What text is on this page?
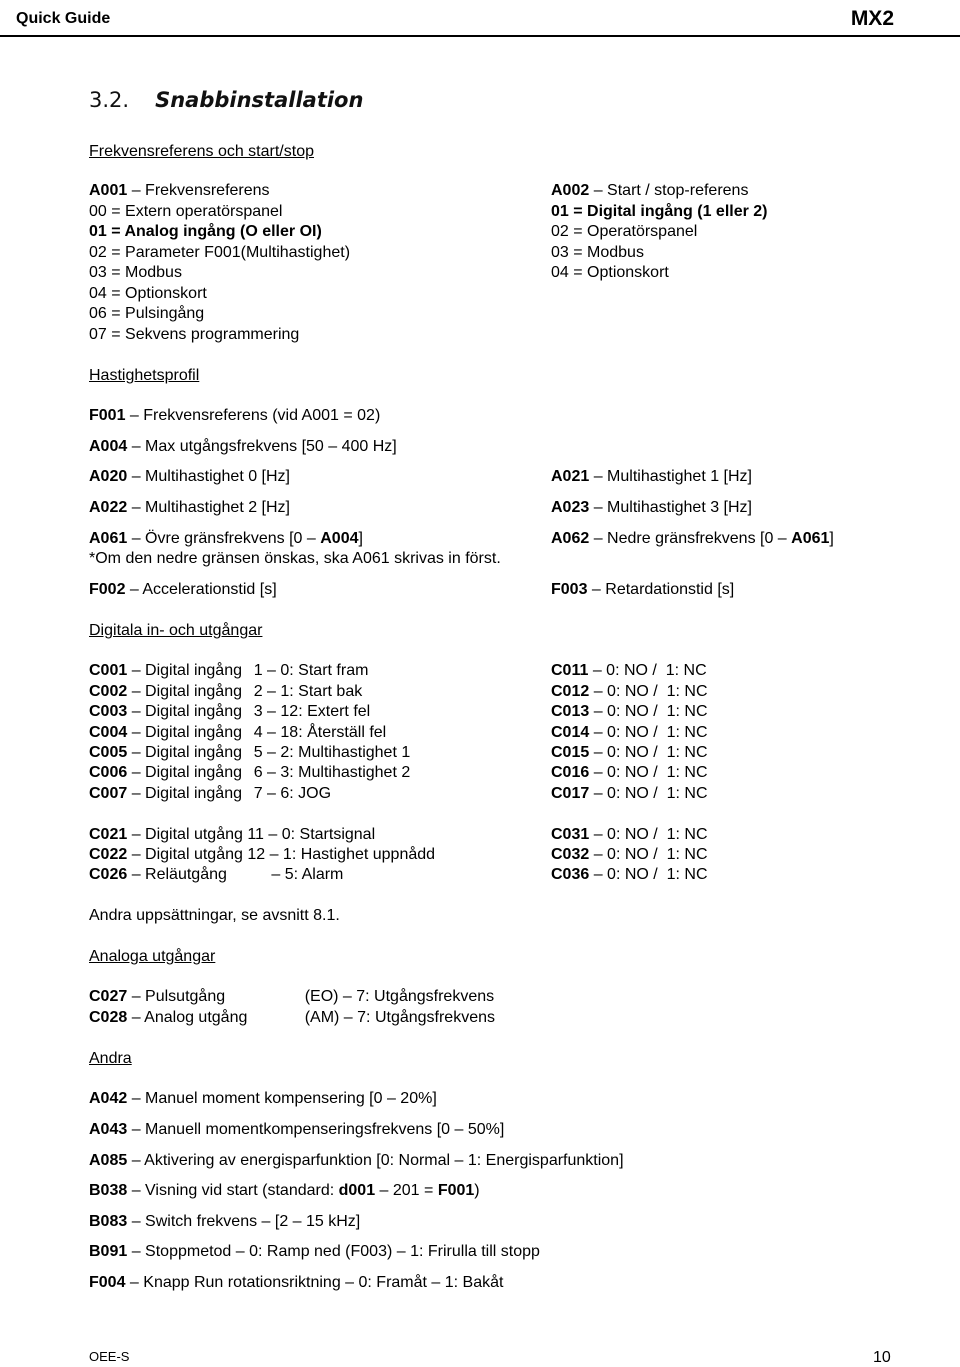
Quick Guide	MX2
3.2. Snabbinstallation
Frekvensreferens och start/stop
A001 – Frekvensreferens
00 = Extern operatörspanel
01 = Analog ingång (O eller OI)
02 = Parameter F001(Multihastighet)
03 = Modbus
04 = Optionskort
06 = Pulsingång
07 = Sekvens programmering
A002 – Start / stop-referens
01 = Digital ingång (1 eller 2)
02 = Operatörspanel
03 = Modbus
04 = Optionskort
Hastighetsprofil
F001 – Frekvensreferens (vid A001 = 02)
A004 – Max utgångsfrekvens [50 – 400 Hz]
A020 – Multihastighet 0 [Hz]	A021 – Multihastighet 1 [Hz]
A022 – Multihastighet 2 [Hz]	A023 – Multihastighet 3 [Hz]
A061 – Övre gränsfrekvens [0 – A004]	A062 – Nedre gränsfrekvens [0 – A061]
*Om den nedre gränsen önskas, ska A061 skrivas in först.
F002 – Accelerationstid [s]	F003 – Retardationstid [s]
Digitala in- och utgångar
C001 – Digital ingång 1 – 0: Start fram	C011 – 0: NO /  1: NC
C002 – Digital ingång 2 – 1: Start bak	C012 – 0: NO /  1: NC
C003 – Digital ingång 3 – 12: Extert fel	C013 – 0: NO /  1: NC
C004 – Digital ingång 4 – 18: Återställ fel	C014 – 0: NO /  1: NC
C005 – Digital ingång 5 – 2: Multihastighet 1	C015 – 0: NO /  1: NC
C006 – Digital ingång 6 – 3: Multihastighet 2	C016 – 0: NO /  1: NC
C007 – Digital ingång 7 – 6: JOG	C017 – 0: NO /  1: NC
C021 – Digital utgång 11 – 0: Startsignal	C031 – 0: NO /  1: NC
C022 – Digital utgång 12 – 1: Hastighet uppnådd	C032 – 0: NO /  1: NC
C026 – Reläutgång          – 5: Alarm	C036 – 0: NO /  1: NC
Andra uppsättningar, se avsnitt 8.1.
Analoga utgångar
C027 – Pulsutgång	(EO) – 7: Utgångsfrekvens
C028 – Analog utgång	(AM) – 7: Utgångsfrekvens
Andra
A042 – Manuel moment kompensering [0 – 20%]
A043 – Manuell momentkompenseringsfrekvens [0 – 50%]
A085 – Aktivering av energisparfunktion [0: Normal – 1: Energisparfunktion]
B038 – Visning vid start (standard: d001 – 201 = F001)
B083 – Switch frekvens – [2 – 15 kHz]
B091 – Stoppmetod – 0: Ramp ned (F003) – 1: Frirulla till stopp
F004 – Knapp Run rotationsriktning – 0: Framåt – 1: Bakåt
OEE-S	10
